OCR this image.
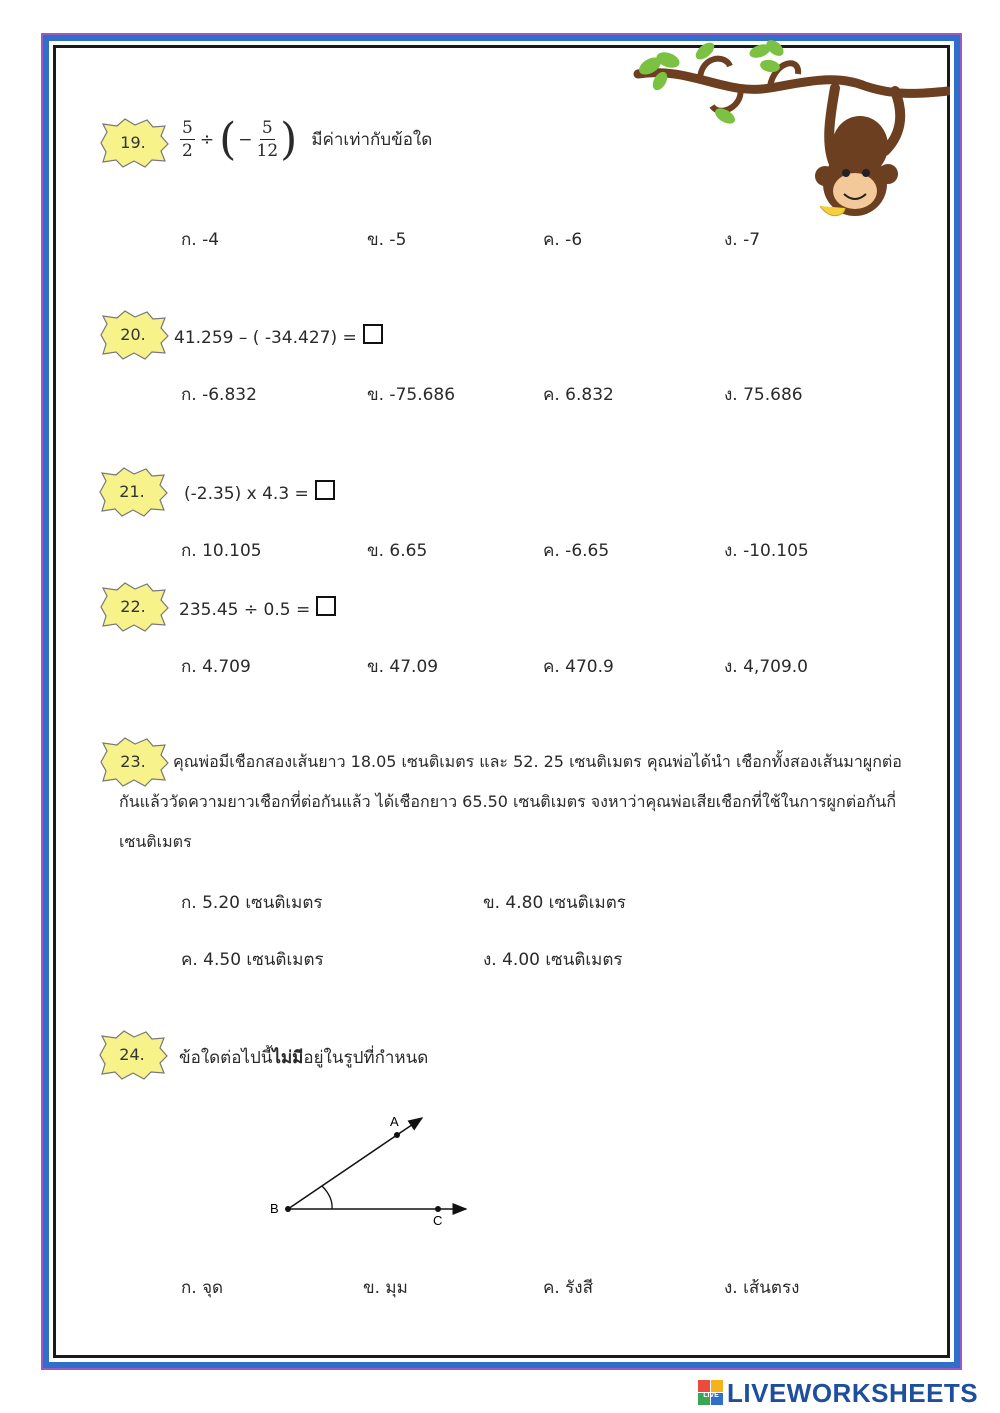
19.	$\frac{5}{2}$ ÷ ( − $\frac{5}{12}$ ) มีค่าเท่ากับข้อใด
ก. -4	ข. -5	ค. -6	ง. -7
20.	41.259 – ( -34.427) =
ก. -6.832	ข. -75.686	ค. 6.832	ง. 75.686
21.	(-2.35) x 4.3 =
ก. 10.105	ข. 6.65	ค. -6.65	ง. -10.105
22.	235.45 ÷ 0.5 =
ก. 4.709	ข. 47.09	ค. 470.9	ง. 4,709.0
23.	คุณพ่อมีเชือกสองเส้นยาว 18.05 เซนติเมตร และ 52. 25 เซนติเมตร คุณพ่อได้นำ เชือกทั้งสองเส้นมาผูกต่อ
กันแล้ววัดความยาวเชือกที่ต่อกันแล้ว ได้เชือกยาว 65.50 เซนติเมตร จงหาว่าคุณพ่อเสียเชือกที่ใช้ในการผูกต่อกันกี่
เซนติเมตร
ก. 5.20 เซนติเมตร	ข. 4.80 เซนติเมตร
ค. 4.50 เซนติเมตร	ง. 4.00 เซนติเมตร
24.	ข้อใดต่อไปนี้ไม่มีอยู่ในรูปที่กำหนด
A
B
C
ก. จุด	ข. มุม	ค. รังสี	ง. เส้นตรง
LIVE LIVEWORKSHEETS
